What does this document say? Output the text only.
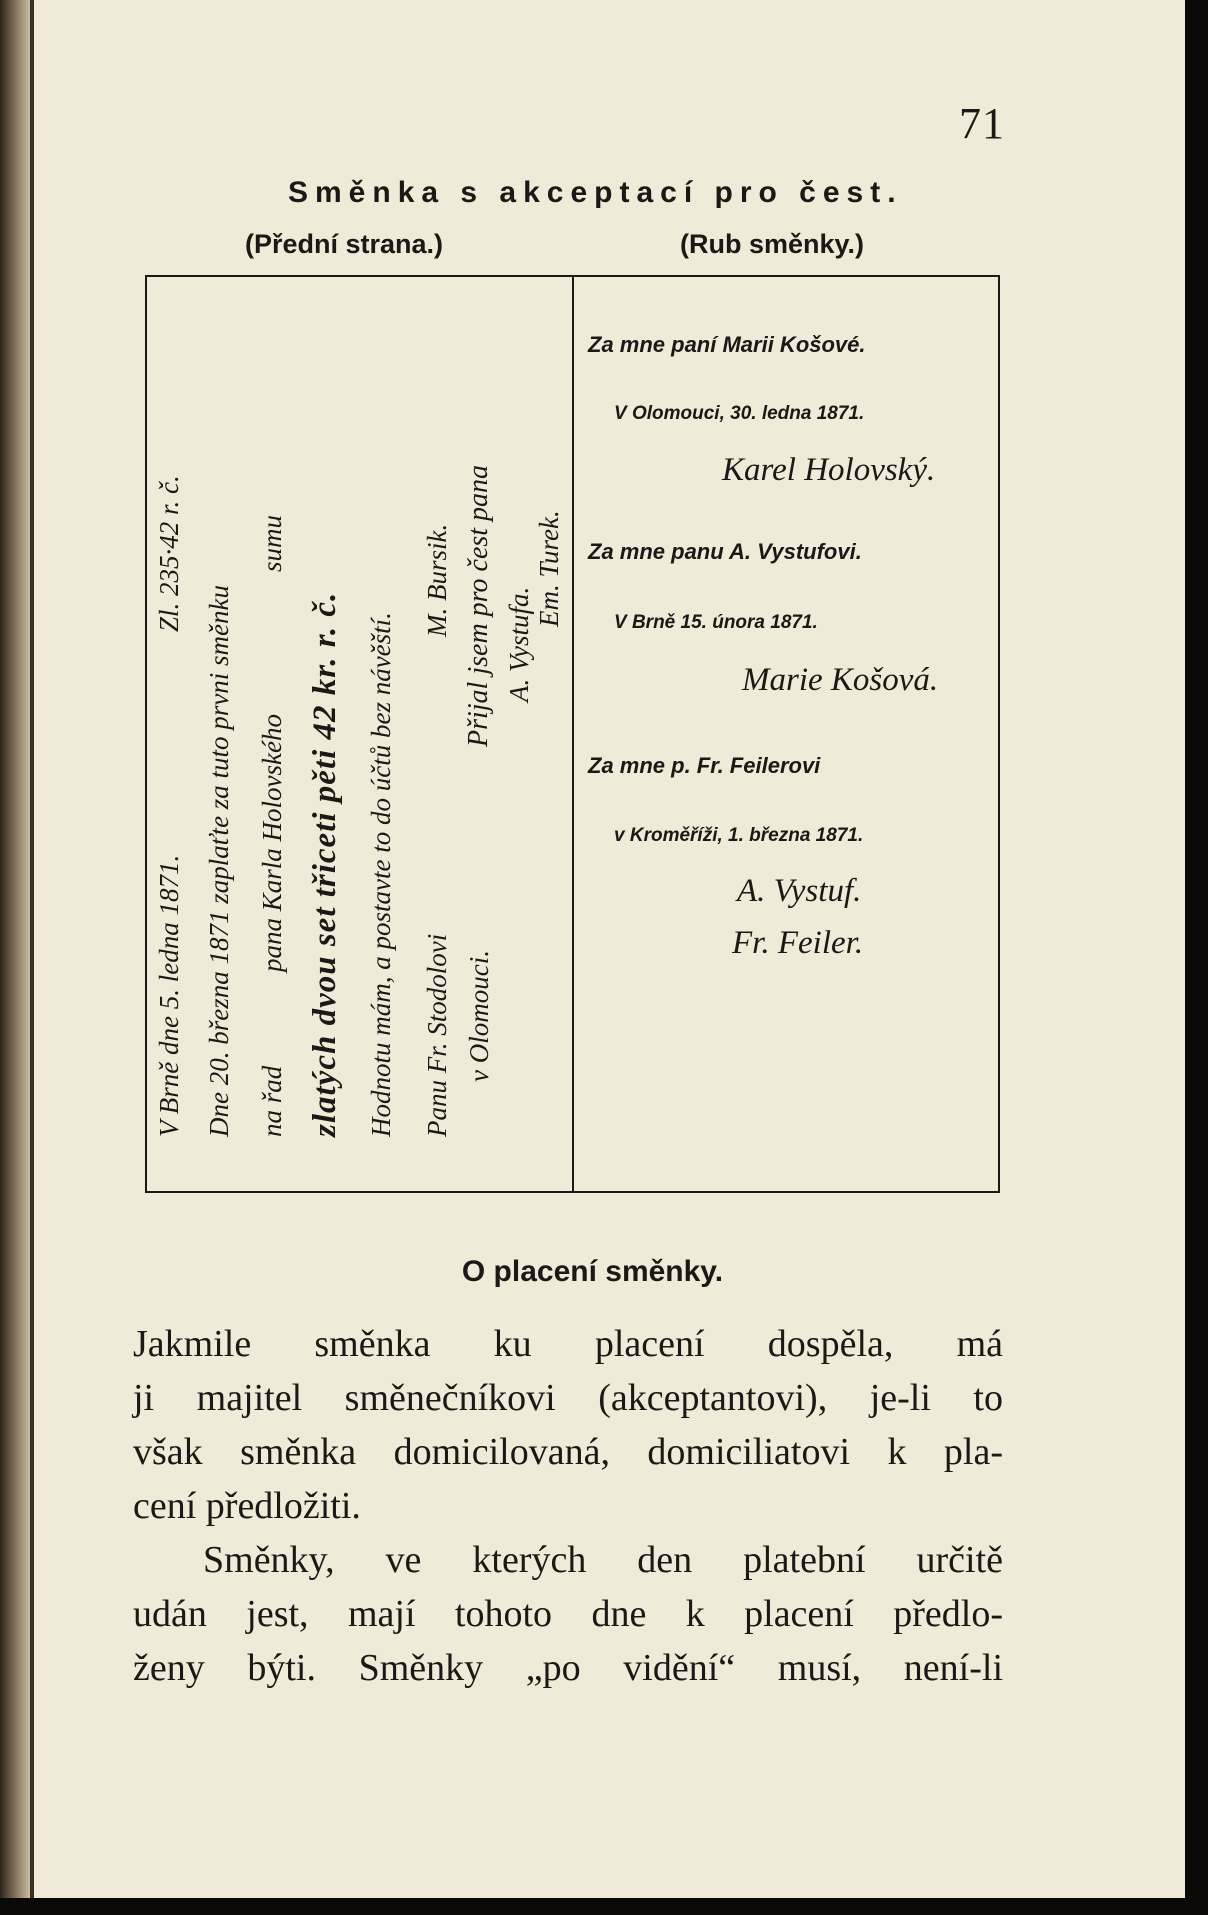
71
Směnka s akceptací pro čest.
(Přední strana.)	(Rub směnky.)
V Brně dne 5. ledna 1871.
Zl. 235·42 r. č.
Dne 20. března 1871 zaplaťte za tuto prvni směnku na řad
pana Karla Holovského
sumu
zlatých dvou set třiceti pěti 42 kr. r. č. Hodnotu mám, a postavte to do účtů bez návěští. Panu Fr. Stodolovi
M. Bursik.
v Olomouci.
Přijal jsem pro čest pana A. Vystufa.
Em. Turek.
Za mne paní Marii Košové.
V Olomouci, 30. ledna 1871.
Karel Holovský.
Za mne panu A. Vystufovi.
V Brně 15. února 1871.
Marie Košová.
Za mne p. Fr. Feilerovi
v Kroměříži, 1. března 1871.
A. Vystuf.
Fr. Feiler.
O placení směnky.
Jakmile směnka ku placení dospěla, má
ji majitel směnečníkovi (akceptantovi), je-li to
však směnka domicilovaná, domiciliatovi k pla-
cení předložiti.
Směnky, ve kterých den platební určitě
udán jest, mají tohoto dne k placení předlo-
ženy býti. Směnky „po vidění“ musí, není-li
